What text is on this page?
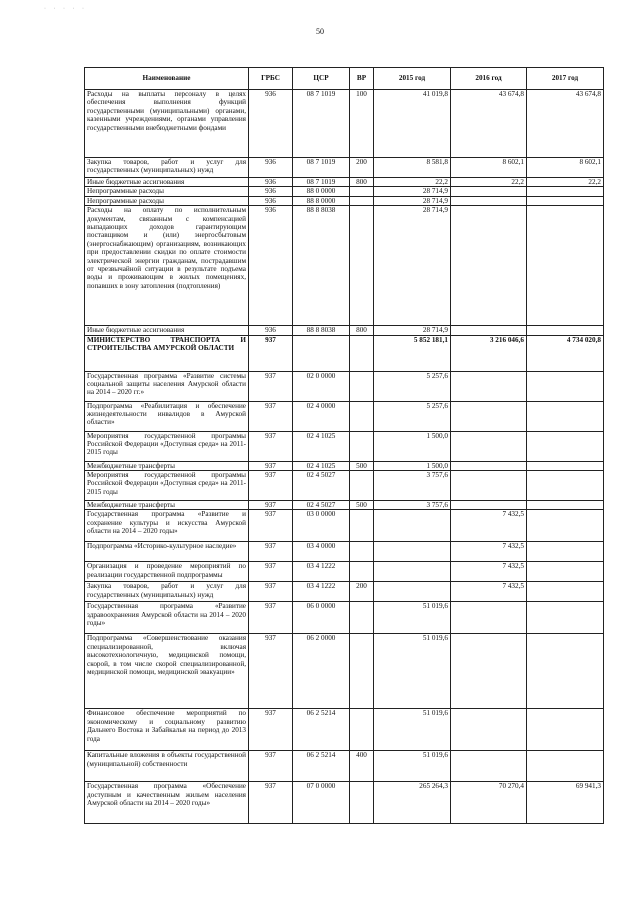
· · · · ·
50
Наименование	ГРБС	ЦСР	ВР	2015 год	2016 год	2017 год
Расходы на выплаты персоналу в целях обеспечения выполнения функций государственными (муниципальными) органами, казенными учреждениями, органами управления государственными внебюджетными фондами	936	08 7 1019	100	41 019,8	43 674,8	43 674,8
Закупка товаров, работ и услуг для государственных (муниципальных) нужд	936	08 7 1019	200	8 581,8	8 602,1	8 602,1
Иные бюджетные ассигнования	936	08 7 1019	800	22,2	22,2	22,2
Непрограммные расходы	936	88 0 0000		28 714,9		
Непрограммные расходы	936	88 8 0000		28 714,9		
Расходы на оплату по исполнительным документам, связанным с компенсацией выпадающих доходов гарантирующим поставщиком и (или) энергосбытовым (энергоснабжающим) организациям, возникающих при предоставлении скидки по оплате стоимости электрической энергии гражданам, пострадавшим от чрезвычайной ситуации в результате подъема воды и проживающим в жилых помещениях, попавших в зону затопления (подтопления)	936	88 8 8038		28 714,9		
Иные бюджетные ассигнования	936	88 8 8038	800	28 714,9		
МИНИСТЕРСТВО ТРАНСПОРТА И СТРОИТЕЛЬСТВА АМУРСКОЙ ОБЛАСТИ	937			5 852 181,1	3 216 046,6	4 734 020,8
Государственная программа «Развитие системы социальной защиты населения Амурской области на 2014 – 2020 гг.»	937	02 0 0000		5 257,6		
Подпрограмма «Реабилитация и обеспечение жизнедеятельности инвалидов в Амурской области»	937	02 4 0000		5 257,6		
Мероприятия государственной программы Российской Федерации «Доступная среда» на 2011-2015 годы	937	02 4 1025		1 500,0		
Межбюджетные трансферты	937	02 4 1025	500	1 500,0		
Мероприятия государственной программы Российской Федерации «Доступная среда» на 2011-2015 годы	937	02 4 5027		3 757,6		
Межбюджетные трансферты	937	02 4 5027	500	3 757,6		
Государственная программа «Развитие и сохранение культуры и искусства Амурской области на 2014 – 2020 годы»	937	03 0 0000			7 432,5	
Подпрограмма «Историко-культурное наследие»	937	03 4 0000			7 432,5	
Организация и проведение мероприятий по реализации государственной подпрограммы	937	03 4 1222			7 432,5	
Закупка товаров, работ и услуг для государственных (муниципальных) нужд	937	03 4 1222	200		7 432,5	
Государственная программа «Развитие здравоохранения Амурской области на 2014 – 2020 годы»	937	06 0 0000		51 019,6		
Подпрограмма «Совершенствование оказания специализированной, включая высокотехнологичную, медицинской помощи, скорой, в том числе скорой специализированной, медицинской помощи, медицинской эвакуации»	937	06 2 0000		51 019,6		
Финансовое обеспечение мероприятий по экономическому и социальному развитию Дальнего Востока и Забайкалья на период до 2013 года	937	06 2 5214		51 019,6		
Капитальные вложения в объекты государственной (муниципальной) собственности	937	06 2 5214	400	51 019,6		
Государственная программа «Обеспечение доступным и качественным жильем населения Амурской области на 2014 – 2020 годы»	937	07 0 0000		265 264,3	70 270,4	69 941,3
